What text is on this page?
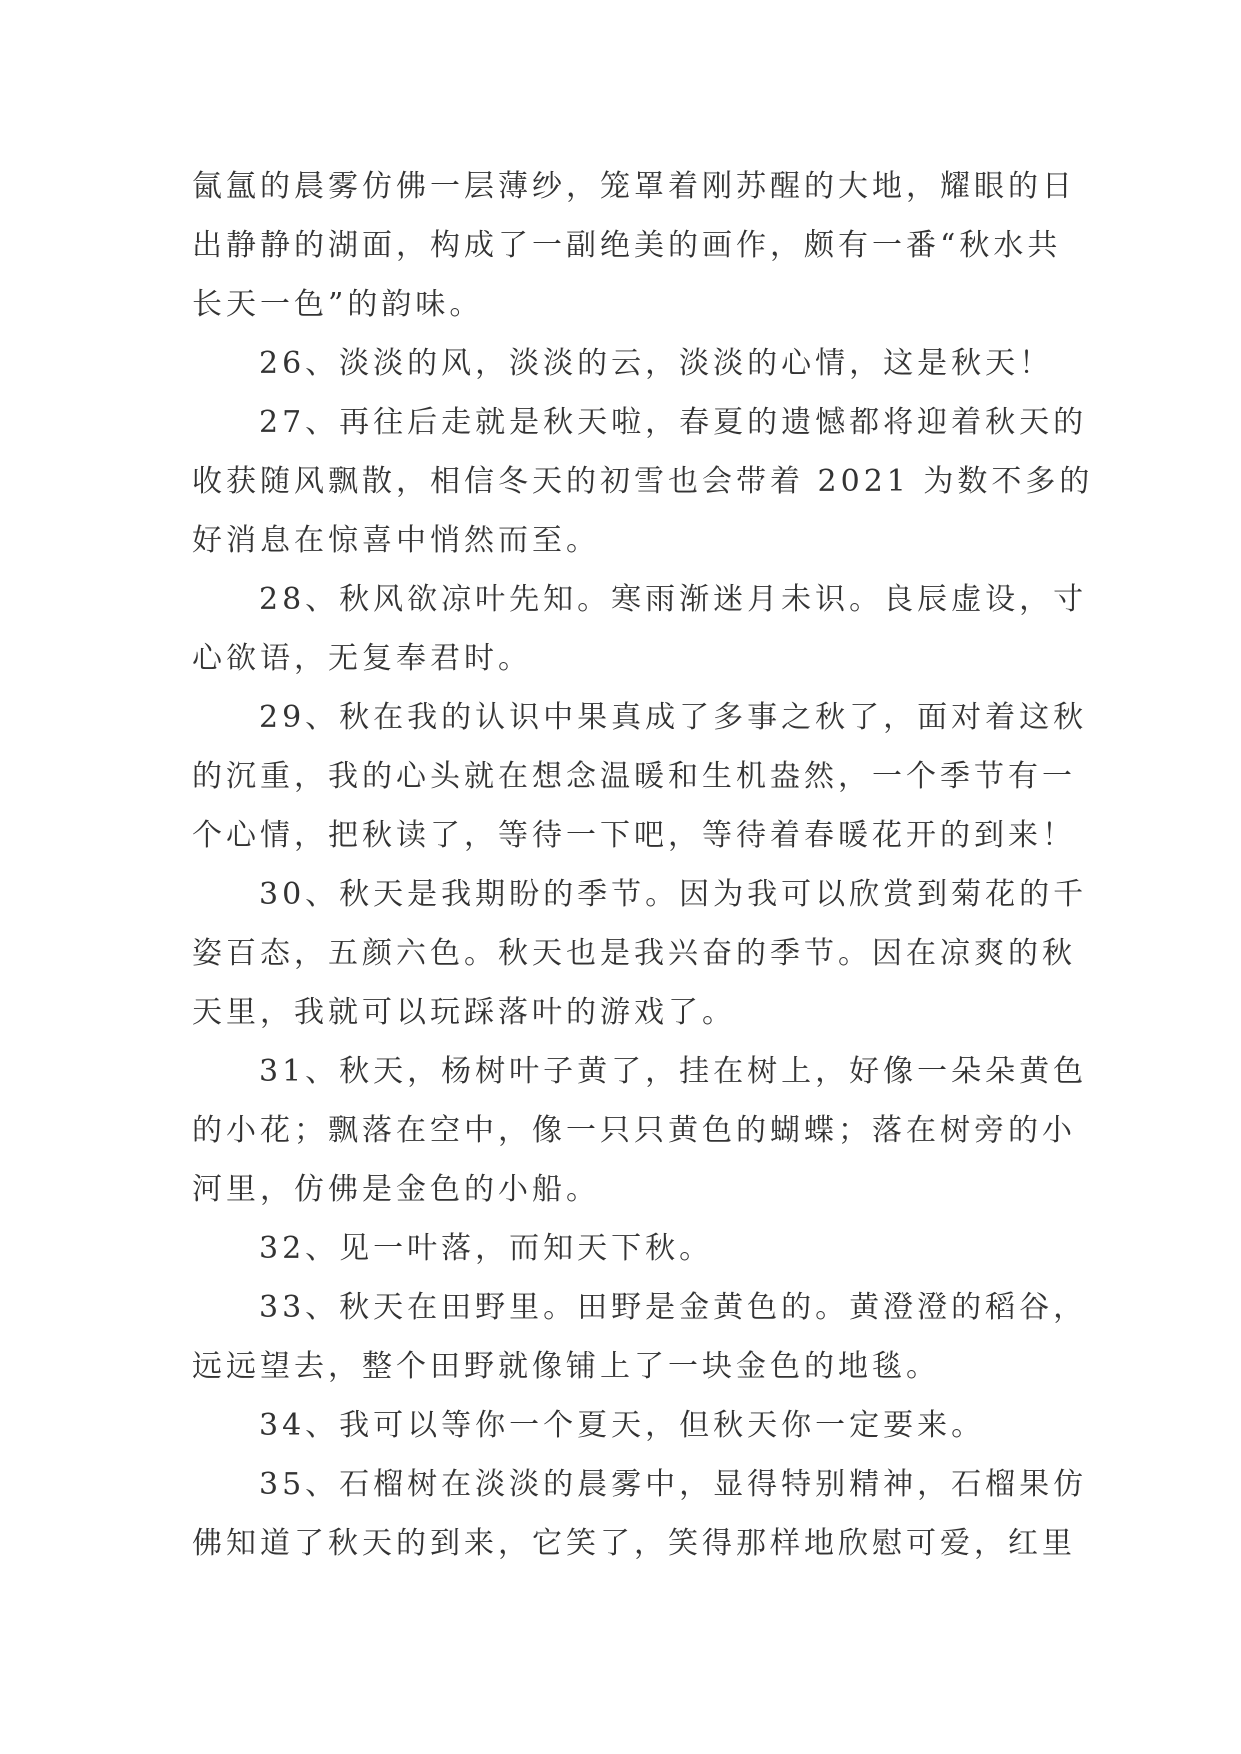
氤氲的晨雾仿佛一层薄纱，笼罩着刚苏醒的大地，耀眼的日
出静静的湖面，构成了一副绝美的画作，颇有一番“秋水共
长天一色”的韵味。
26、淡淡的风，淡淡的云，淡淡的心情，这是秋天！
27、再往后走就是秋天啦，春夏的遗憾都将迎着秋天的
收获随风飘散，相信冬天的初雪也会带着 2021 为数不多的
好消息在惊喜中悄然而至。
28、秋风欲凉叶先知。寒雨渐迷月未识。良辰虚设，寸
心欲语，无复奉君时。
29、秋在我的认识中果真成了多事之秋了，面对着这秋
的沉重，我的心头就在想念温暖和生机盎然，一个季节有一
个心情，把秋读了，等待一下吧，等待着春暖花开的到来！
30、秋天是我期盼的季节。因为我可以欣赏到菊花的千
姿百态，五颜六色。秋天也是我兴奋的季节。因在凉爽的秋
天里，我就可以玩踩落叶的游戏了。
31、秋天，杨树叶子黄了，挂在树上，好像一朵朵黄色
的小花；飘落在空中，像一只只黄色的蝴蝶；落在树旁的小
河里，仿佛是金色的小船。
32、见一叶落，而知天下秋。
33、秋天在田野里。田野是金黄色的。黄澄澄的稻谷，
远远望去，整个田野就像铺上了一块金色的地毯。
34、我可以等你一个夏天，但秋天你一定要来。
35、石榴树在淡淡的晨雾中，显得特别精神，石榴果仿
佛知道了秋天的到来，它笑了，笑得那样地欣慰可爱，红里
